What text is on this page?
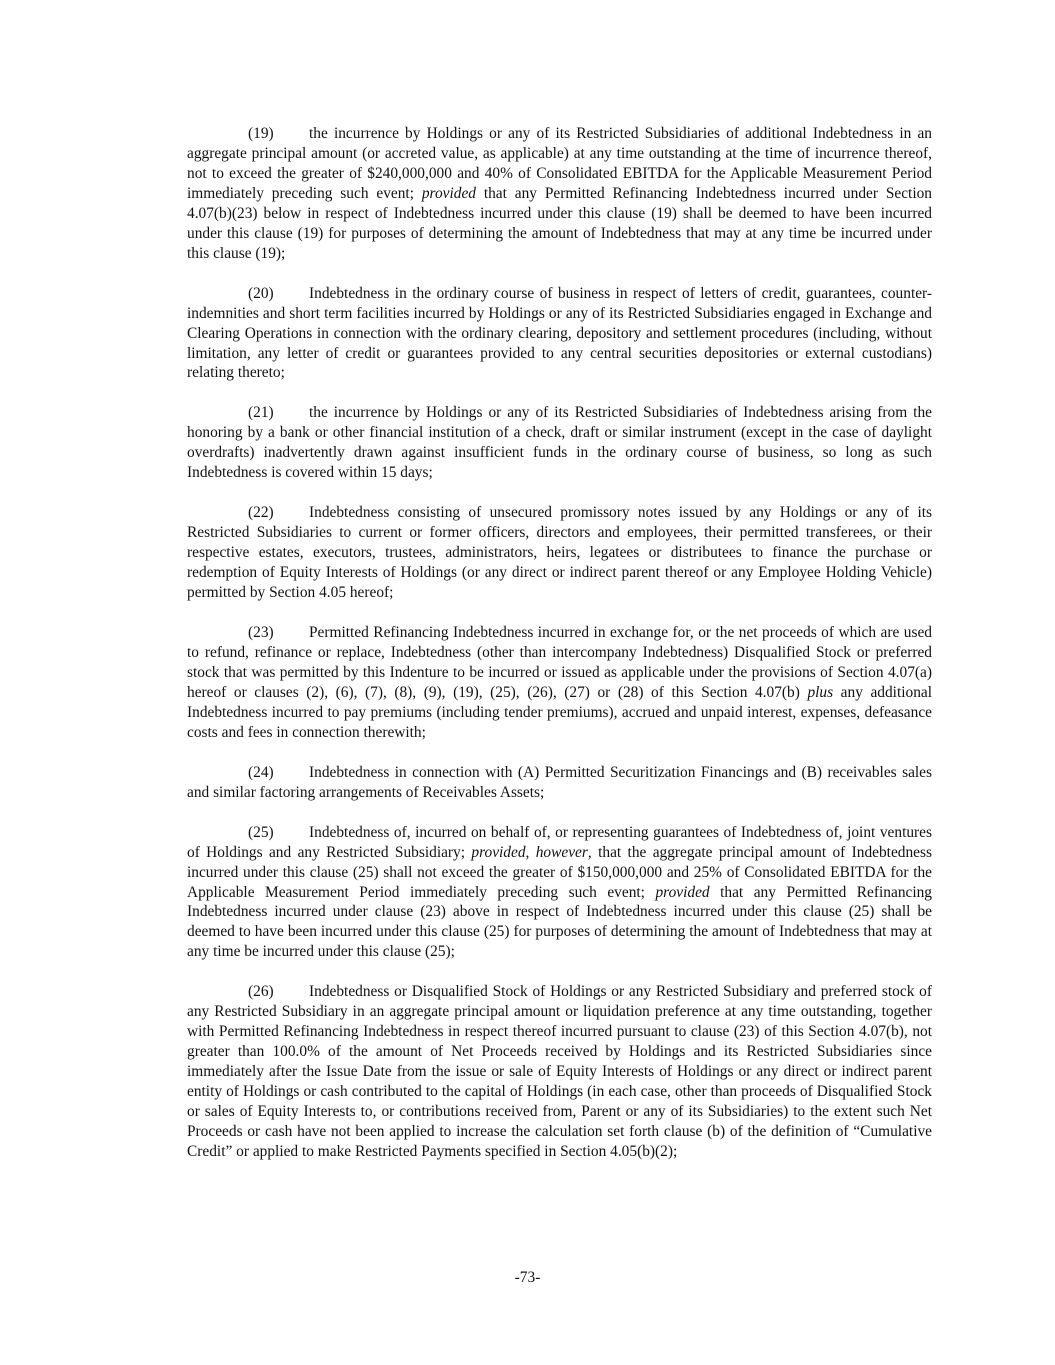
(19) the incurrence by Holdings or any of its Restricted Subsidiaries of additional Indebtedness in an aggregate principal amount (or accreted value, as applicable) at any time outstanding at the time of incurrence thereof, not to exceed the greater of $240,000,000 and 40% of Consolidated EBITDA for the Applicable Measurement Period immediately preceding such event; provided that any Permitted Refinancing Indebtedness incurred under Section 4.07(b)(23) below in respect of Indebtedness incurred under this clause (19) shall be deemed to have been incurred under this clause (19) for purposes of determining the amount of Indebtedness that may at any time be incurred under this clause (19);

(20) Indebtedness in the ordinary course of business in respect of letters of credit, guarantees, counter-indemnities and short term facilities incurred by Holdings or any of its Restricted Subsidiaries engaged in Exchange and Clearing Operations in connection with the ordinary clearing, depository and settlement procedures (including, without limitation, any letter of credit or guarantees provided to any central securities depositories or external custodians) relating thereto;

(21) the incurrence by Holdings or any of its Restricted Subsidiaries of Indebtedness arising from the honoring by a bank or other financial institution of a check, draft or similar instrument (except in the case of daylight overdrafts) inadvertently drawn against insufficient funds in the ordinary course of business, so long as such Indebtedness is covered within 15 days;

(22) Indebtedness consisting of unsecured promissory notes issued by any Holdings or any of its Restricted Subsidiaries to current or former officers, directors and employees, their permitted transferees, or their respective estates, executors, trustees, administrators, heirs, legatees or distributees to finance the purchase or redemption of Equity Interests of Holdings (or any direct or indirect parent thereof or any Employee Holding Vehicle) permitted by Section 4.05 hereof;

(23) Permitted Refinancing Indebtedness incurred in exchange for, or the net proceeds of which are used to refund, refinance or replace, Indebtedness (other than intercompany Indebtedness) Disqualified Stock or preferred stock that was permitted by this Indenture to be incurred or issued as applicable under the provisions of Section 4.07(a) hereof or clauses (2), (6), (7), (8), (9), (19), (25), (26), (27) or (28) of this Section 4.07(b) plus any additional Indebtedness incurred to pay premiums (including tender premiums), accrued and unpaid interest, expenses, defeasance costs and fees in connection therewith;

(24) Indebtedness in connection with (A) Permitted Securitization Financings and (B) receivables sales and similar factoring arrangements of Receivables Assets;

(25) Indebtedness of, incurred on behalf of, or representing guarantees of Indebtedness of, joint ventures of Holdings and any Restricted Subsidiary; provided, however, that the aggregate principal amount of Indebtedness incurred under this clause (25) shall not exceed the greater of $150,000,000 and 25% of Consolidated EBITDA for the Applicable Measurement Period immediately preceding such event; provided that any Permitted Refinancing Indebtedness incurred under clause (23) above in respect of Indebtedness incurred under this clause (25) shall be deemed to have been incurred under this clause (25) for purposes of determining the amount of Indebtedness that may at any time be incurred under this clause (25);

(26) Indebtedness or Disqualified Stock of Holdings or any Restricted Subsidiary and preferred stock of any Restricted Subsidiary in an aggregate principal amount or liquidation preference at any time outstanding, together with Permitted Refinancing Indebtedness in respect thereof incurred pursuant to clause (23) of this Section 4.07(b), not greater than 100.0% of the amount of Net Proceeds received by Holdings and its Restricted Subsidiaries since immediately after the Issue Date from the issue or sale of Equity Interests of Holdings or any direct or indirect parent entity of Holdings or cash contributed to the capital of Holdings (in each case, other than proceeds of Disqualified Stock or sales of Equity Interests to, or contributions received from, Parent or any of its Subsidiaries) to the extent such Net Proceeds or cash have not been applied to increase the calculation set forth clause (b) of the definition of “Cumulative Credit” or applied to make Restricted Payments specified in Section 4.05(b)(2);

-73-
